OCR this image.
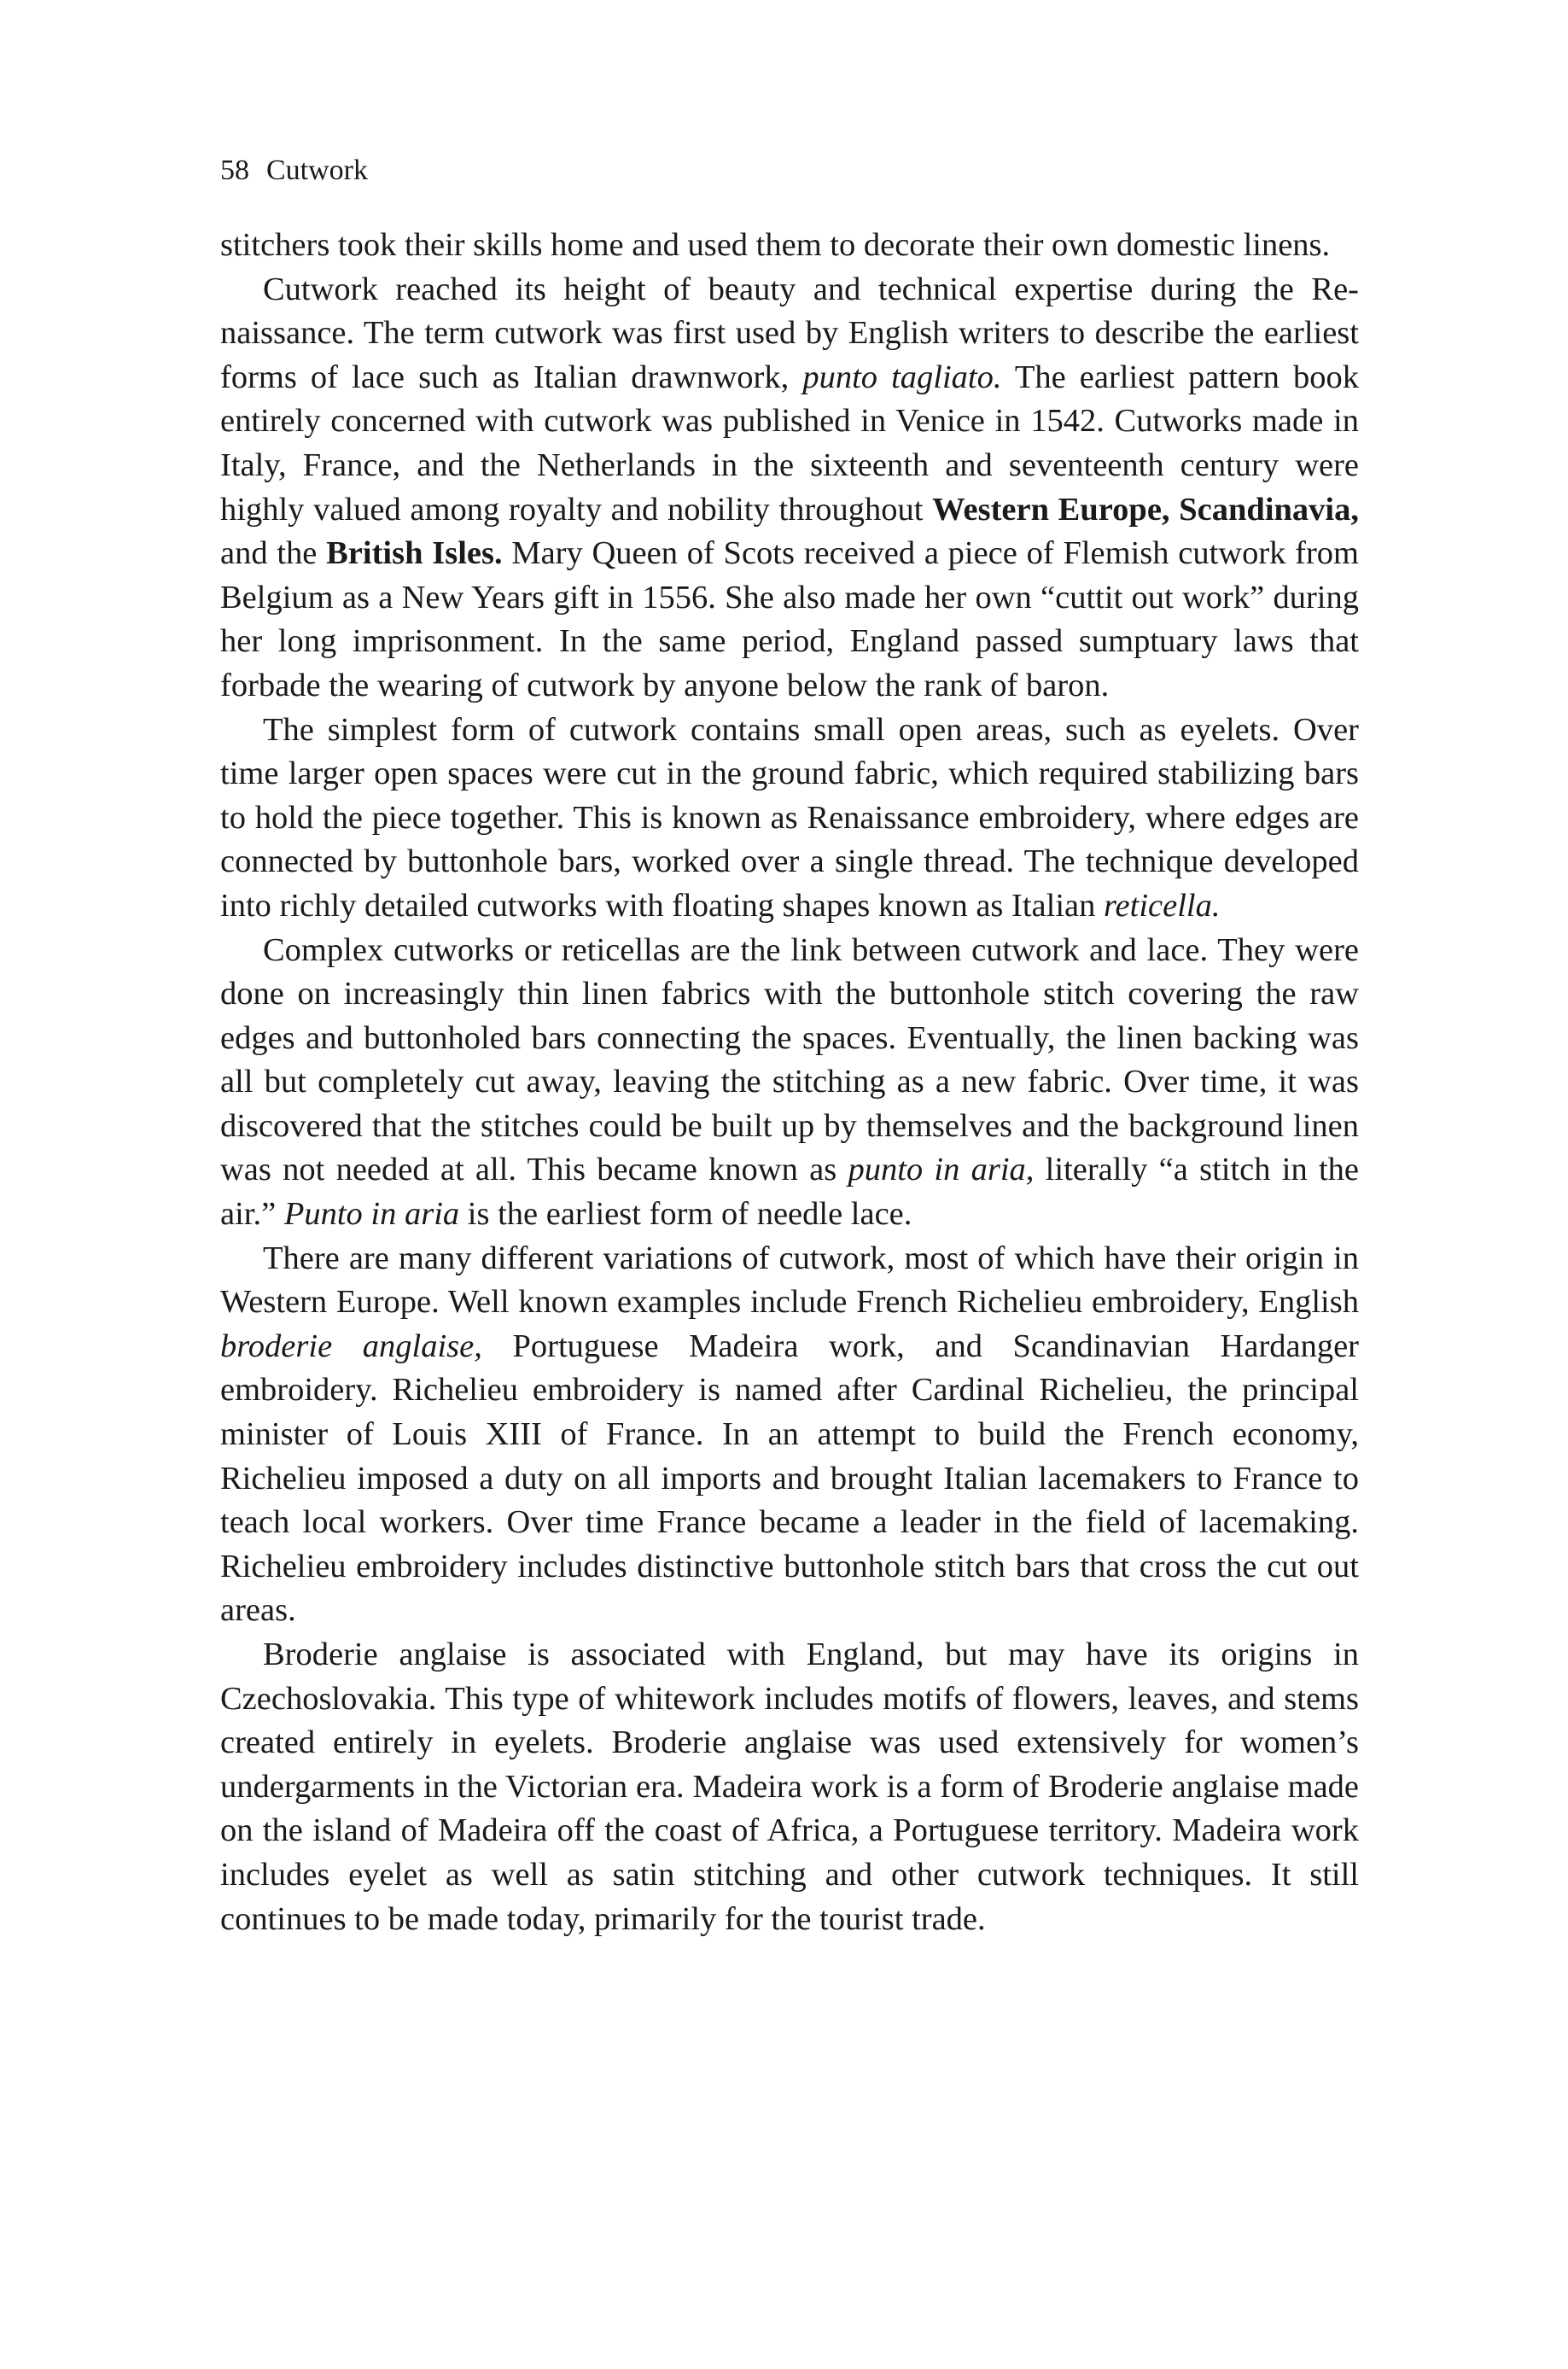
58 Cutwork

stitchers took their skills home and used them to decorate their own domestic linens.

Cutwork reached its height of beauty and technical expertise during the Renaissance. The term cutwork was first used by English writers to describe the earliest forms of lace such as Italian drawnwork, punto tagliato. The earliest pattern book entirely concerned with cutwork was published in Venice in 1542. Cutworks made in Italy, France, and the Netherlands in the sixteenth and seventeenth century were highly valued among royalty and nobility throughout Western Europe, Scandinavia, and the British Isles. Mary Queen of Scots received a piece of Flemish cutwork from Belgium as a New Years gift in 1556. She also made her own “cuttit out work” during her long imprisonment. In the same period, England passed sumptuary laws that forbade the wearing of cutwork by anyone below the rank of baron.

The simplest form of cutwork contains small open areas, such as eyelets. Over time larger open spaces were cut in the ground fabric, which required stabilizing bars to hold the piece together. This is known as Renaissance embroidery, where edges are connected by buttonhole bars, worked over a single thread. The technique developed into richly detailed cutworks with floating shapes known as Italian reticella.

Complex cutworks or reticellas are the link between cutwork and lace. They were done on increasingly thin linen fabrics with the buttonhole stitch covering the raw edges and buttonholed bars connecting the spaces. Eventually, the linen backing was all but completely cut away, leaving the stitching as a new fabric. Over time, it was discovered that the stitches could be built up by themselves and the background linen was not needed at all. This became known as punto in aria, literally “a stitch in the air.” Punto in aria is the earliest form of needle lace.

There are many different variations of cutwork, most of which have their origin in Western Europe. Well known examples include French Richelieu embroidery, English broderie anglaise, Portuguese Madeira work, and Scandinavian Hardanger embroidery. Richelieu embroidery is named after Cardinal Richelieu, the principal minister of Louis XIII of France. In an attempt to build the French economy, Richelieu imposed a duty on all imports and brought Italian lacemakers to France to teach local workers. Over time France became a leader in the field of lacemaking. Richelieu embroidery includes distinctive buttonhole stitch bars that cross the cut out areas.

Broderie anglaise is associated with England, but may have its origins in Czechoslovakia. This type of whitework includes motifs of flowers, leaves, and stems created entirely in eyelets. Broderie anglaise was used extensively for women’s undergarments in the Victorian era. Madeira work is a form of Broderie anglaise made on the island of Madeira off the coast of Africa, a Portuguese territory. Madeira work includes eyelet as well as satin stitching and other cutwork techniques. It still continues to be made today, primarily for the tourist trade.
